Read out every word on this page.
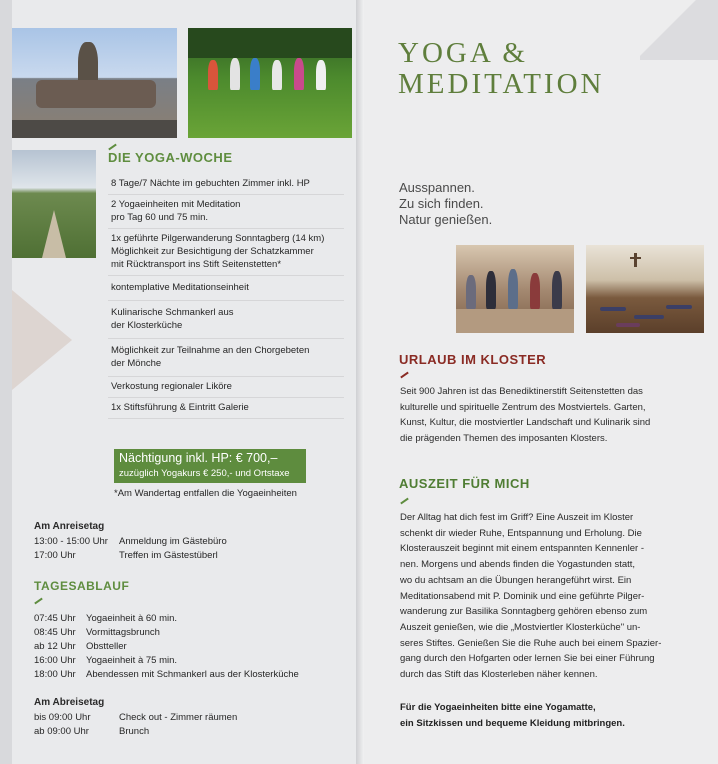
DIE YOGA-WOCHE
8 Tage/7 Nächte im gebuchten Zimmer inkl. HP
2 Yogaeinheiten mit Meditation
pro Tag 60 und 75 min.
1x geführte Pilgerwanderung Sonntagberg (14 km)
Möglichkeit zur Besichtigung der Schatzkammer
mit Rücktransport ins Stift Seitenstetten*
kontemplative Meditationseinheit
Kulinarische Schmankerl aus
der Klosterküche
Möglichkeit zur Teilnahme an den Chorgebeten
der Mönche
Verkostung regionaler Liköre
1x Stiftsführung & Eintritt Galerie
Nächtigung inkl. HP: € 700,–
zuzüglich Yogakurs € 250,- und Ortstaxe
*Am Wandertag entfallen die Yogaeinheiten
Am Anreisetag
13:00 - 15:00 Uhr Anmeldung im Gästebüro
17:00 Uhr	Treffen im Gästestüberl
TAGESABLAUF
07:45 Uhr Yogaeinheit à 60 min.
08:45 Uhr Vormittagsbrunch
ab 12 Uhr Obstteller
16:00 Uhr Yogaeinheit à 75 min.
18:00 Uhr Abendessen mit Schmankerl aus der Klosterküche
Am Abreisetag
bis 09:00 Uhr	Check out - Zimmer räumen
ab 09:00 Uhr	Brunch
YOGA &
MEDITATION
Ausspannen.
Zu sich finden.
Natur genießen.
URLAUB IM KLOSTER
Seit 900 Jahren ist das Benediktinerstift Seitenstetten das
kulturelle und spirituelle Zentrum des Mostviertels. Garten,
Kunst, Kultur, die mostviertler Landschaft und Kulinarik sind
die prägenden Themen des imposanten Klosters.
AUSZEIT FÜR MICH
Der Alltag hat dich fest im Griff? Eine Auszeit im Kloster
schenkt dir wieder Ruhe, Entspannung und Erholung. Die
Klosterauszeit beginnt mit einem entspannten Kennenler -
nen. Morgens und abends finden die Yogastunden statt,
wo du achtsam an die Übungen herangeführt wirst. Ein
Meditationsabend mit P. Dominik und eine geführte Pilger-
wanderung zur Basilika Sonntagberg gehören ebenso zum
Auszeit genießen, wie die „Mostviertler Klosterküche" un-
seres Stiftes. Genießen Sie die Ruhe auch bei einem Spazier-
gang durch den Hofgarten oder lernen Sie bei einer Führung
durch das Stift das Klosterleben näher kennen.
Für die Yogaeinheiten bitte eine Yogamatte,
ein Sitzkissen und bequeme Kleidung mitbringen.
